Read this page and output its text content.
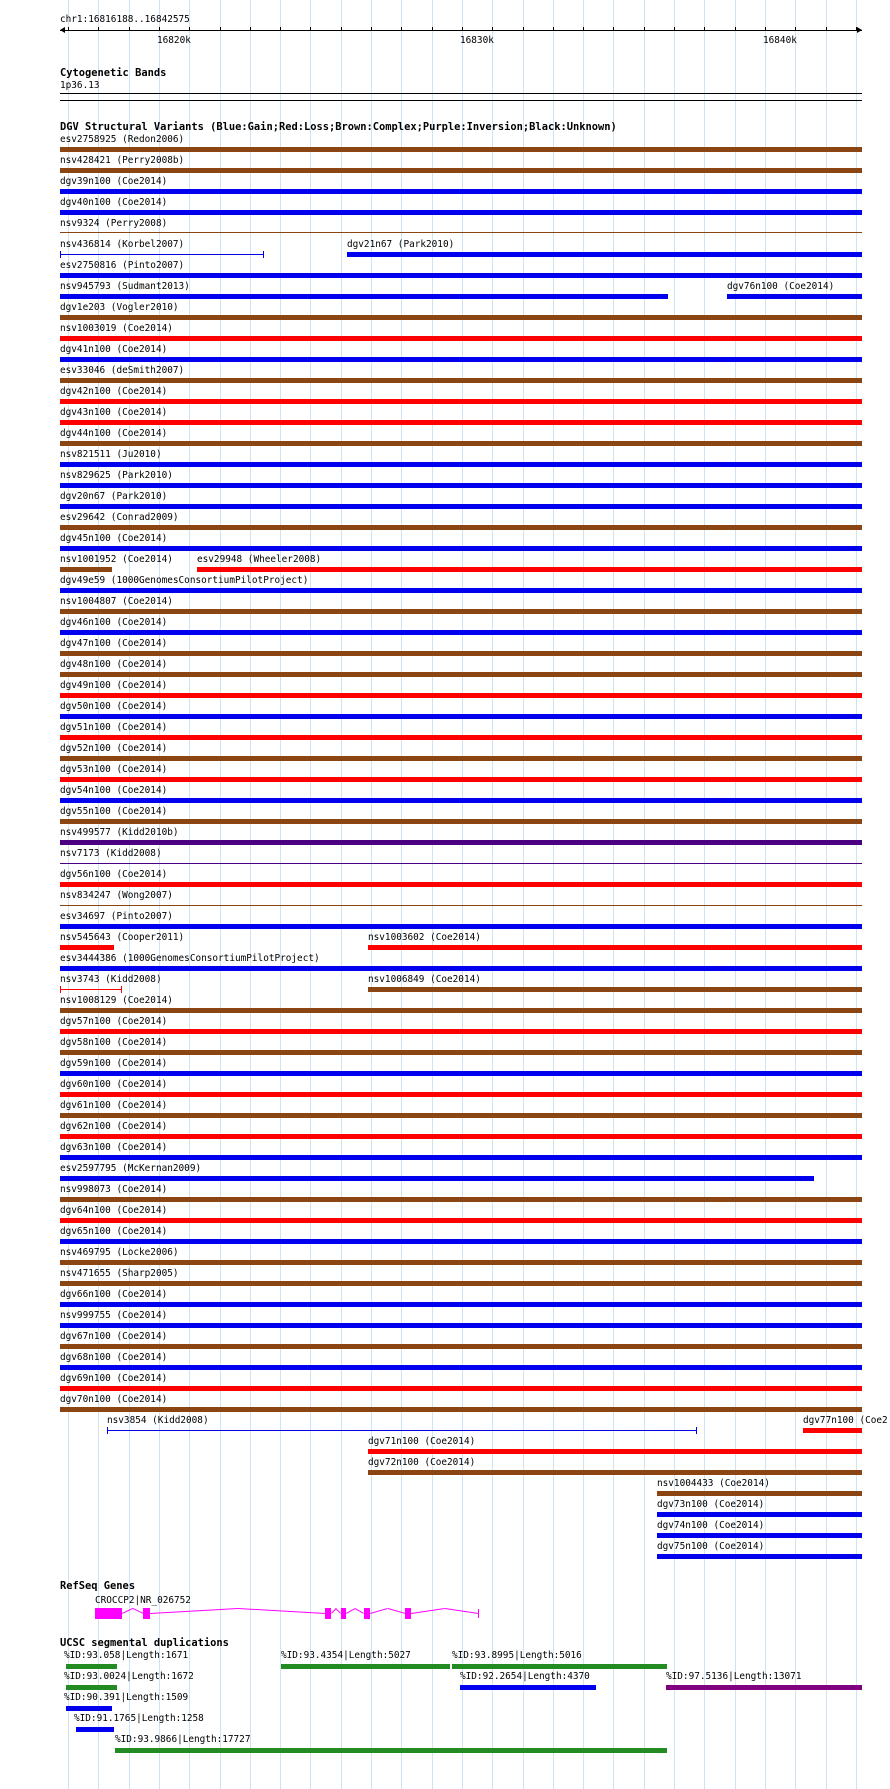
chr1:16816188..16842575
16820k	16830k	16840k
Cytogenetic Bands
1p36.13
DGV Structural Variants (Blue:Gain;Red:Loss;Brown:Complex;Purple:Inversion;Black:Unknown)
esv2758925 (Redon2006)
nsv428421 (Perry2008b)
dgv39n100 (Coe2014)
dgv40n100 (Coe2014)
nsv9324 (Perry2008)
nsv436814 (Korbel2007)	dgv21n67 (Park2010)
esv2750816 (Pinto2007)
nsv945793 (Sudmant2013)	dgv76n100 (Coe2014)
dgv1e203 (Vogler2010)
nsv1003019 (Coe2014)
dgv41n100 (Coe2014)
esv33046 (deSmith2007)
dgv42n100 (Coe2014)
dgv43n100 (Coe2014)
dgv44n100 (Coe2014)
nsv821511 (Ju2010)
nsv829625 (Park2010)
dgv20n67 (Park2010)
esv29642 (Conrad2009)
dgv45n100 (Coe2014)
nsv1001952 (Coe2014)	esv29948 (Wheeler2008)
dgv49e59 (1000GenomesConsortiumPilotProject)
nsv1004807 (Coe2014)
dgv46n100 (Coe2014)
dgv47n100 (Coe2014)
dgv48n100 (Coe2014)
dgv49n100 (Coe2014)
dgv50n100 (Coe2014)
dgv51n100 (Coe2014)
dgv52n100 (Coe2014)
dgv53n100 (Coe2014)
dgv54n100 (Coe2014)
dgv55n100 (Coe2014)
nsv499577 (Kidd2010b)
nsv7173 (Kidd2008)
dgv56n100 (Coe2014)
nsv834247 (Wong2007)
esv34697 (Pinto2007)
nsv545643 (Cooper2011)	nsv1003602 (Coe2014)
esv3444386 (1000GenomesConsortiumPilotProject)
nsv3743 (Kidd2008)	nsv1006849 (Coe2014)
nsv1008129 (Coe2014)
dgv57n100 (Coe2014)
dgv58n100 (Coe2014)
dgv59n100 (Coe2014)
dgv60n100 (Coe2014)
dgv61n100 (Coe2014)
dgv62n100 (Coe2014)
dgv63n100 (Coe2014)
esv2597795 (McKernan2009)
nsv998073 (Coe2014)
dgv64n100 (Coe2014)
dgv65n100 (Coe2014)
nsv469795 (Locke2006)
nsv471655 (Sharp2005)
dgv66n100 (Coe2014)
nsv999755 (Coe2014)
dgv67n100 (Coe2014)
dgv68n100 (Coe2014)
dgv69n100 (Coe2014)
dgv70n100 (Coe2014)
nsv3854 (Kidd2008)	dgv77n100 (Coe2
dgv71n100 (Coe2014)
dgv72n100 (Coe2014)
nsv1004433 (Coe2014)
dgv73n100 (Coe2014)
dgv74n100 (Coe2014)
dgv75n100 (Coe2014)
RefSeq Genes
CROCCP2|NR_026752
UCSC segmental duplications
%ID:93.058|Length:1671	%ID:93.4354|Length:5027	%ID:93.8995|Length:5016
%ID:93.0024|Length:1672	%ID:92.2654|Length:4370	%ID:97.5136|Length:13071
%ID:90.391|Length:1509
%ID:91.1765|Length:1258
%ID:93.9866|Length:17727
